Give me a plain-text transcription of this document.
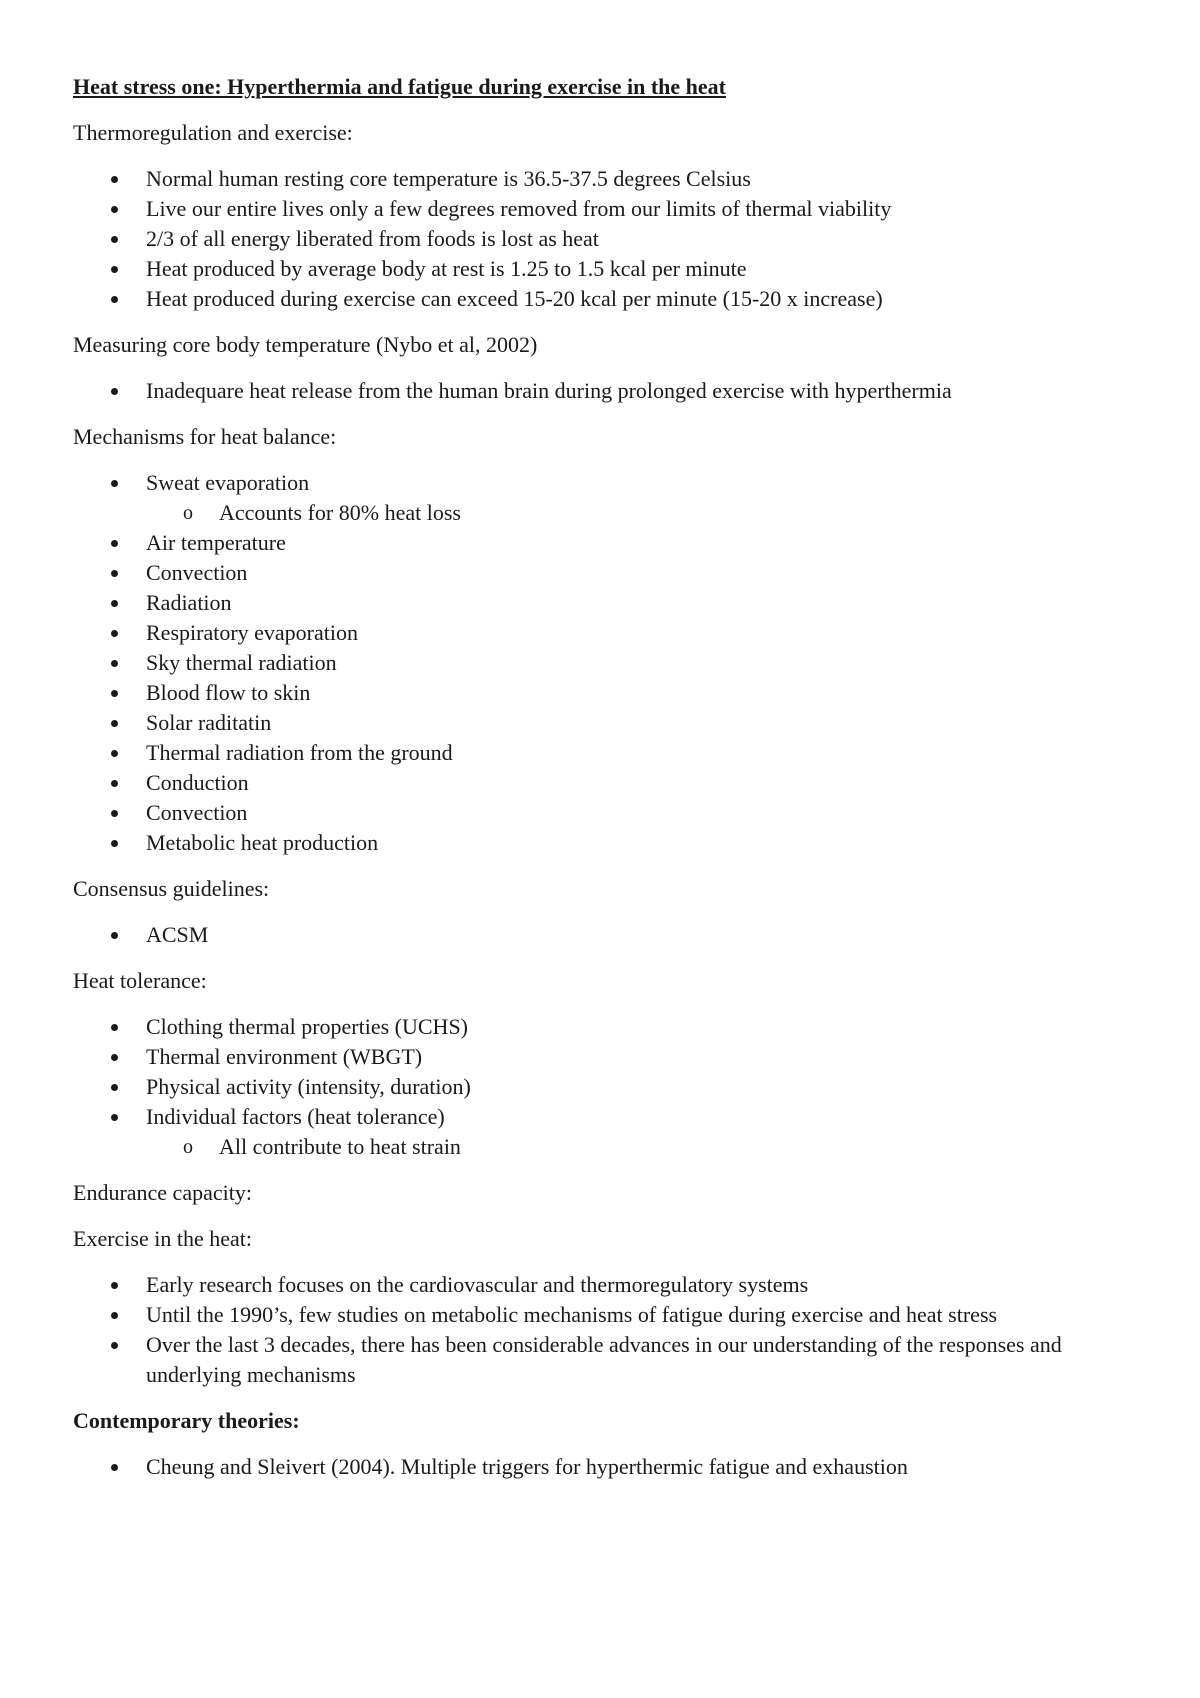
Heat stress one: Hyperthermia and fatigue during exercise in the heat
Thermoregulation and exercise:
Normal human resting core temperature is 36.5-37.5 degrees Celsius
Live our entire lives only a few degrees removed from our limits of thermal viability
2/3 of all energy liberated from foods is lost as heat
Heat produced by average body at rest is 1.25 to 1.5 kcal per minute
Heat produced during exercise can exceed 15-20 kcal per minute (15-20 x increase)
Measuring core body temperature (Nybo et al, 2002)
Inadequare heat release from the human brain during prolonged exercise with hyperthermia
Mechanisms for heat balance:
Sweat evaporation
o Accounts for 80% heat loss
Air temperature
Convection
Radiation
Respiratory evaporation
Sky thermal radiation
Blood flow to skin
Solar raditatin
Thermal radiation from the ground
Conduction
Convection
Metabolic heat production
Consensus guidelines:
ACSM
Heat tolerance:
Clothing thermal properties (UCHS)
Thermal environment (WBGT)
Physical activity (intensity, duration)
Individual factors (heat tolerance)
o All contribute to heat strain
Endurance capacity:
Exercise in the heat:
Early research focuses on the cardiovascular and thermoregulatory systems
Until the 1990’s, few studies on metabolic mechanisms of fatigue during exercise and heat stress
Over the last 3 decades, there has been considerable advances in our understanding of the responses and underlying mechanisms
Contemporary theories:
Cheung and Sleivert (2004). Multiple triggers for hyperthermic fatigue and exhaustion
